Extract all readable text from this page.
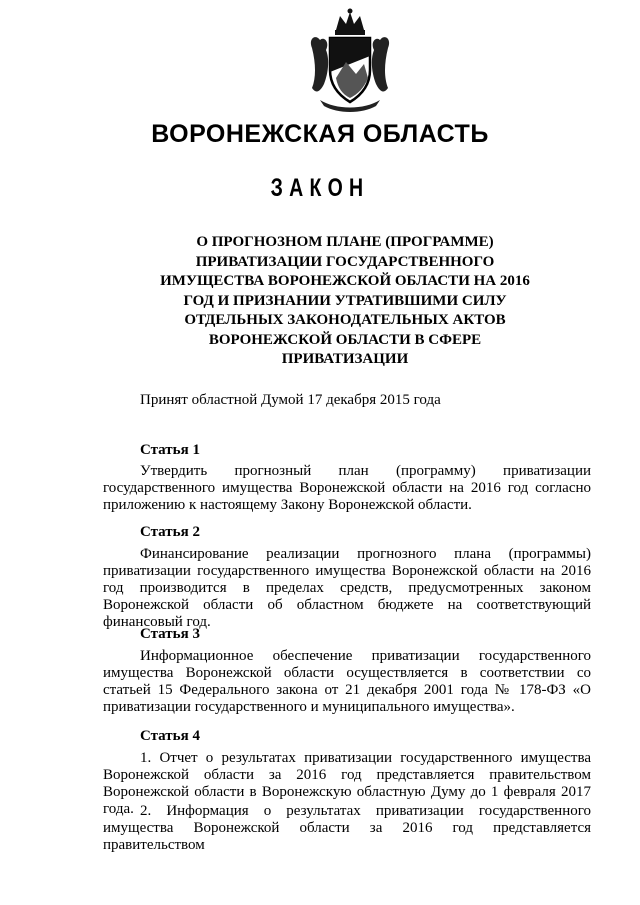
ВОРОНЕЖСКАЯ ОБЛАСТЬ
ЗАКОН
О ПРОГНОЗНОМ ПЛАНЕ (ПРОГРАММЕ) ПРИВАТИЗАЦИИ ГОСУДАРСТВЕННОГО ИМУЩЕСТВА ВОРОНЕЖСКОЙ ОБЛАСТИ НА 2016 ГОД И ПРИЗНАНИИ УТРАТИВШИМИ СИЛУ ОТДЕЛЬНЫХ ЗАКОНОДАТЕЛЬНЫХ АКТОВ ВОРОНЕЖСКОЙ ОБЛАСТИ В СФЕРЕ ПРИВАТИЗАЦИИ
Принят областной Думой 17 декабря 2015 года
Статья 1
Утвердить прогнозный план (программу) приватизации государственного имущества Воронежской области на 2016 год согласно приложению к настоящему Закону Воронежской области.
Статья 2
Финансирование реализации прогнозного плана (программы) приватизации государственного имущества Воронежской области на 2016 год производится в пределах средств, предусмотренных законом Воронежской области об областном бюджете на соответствующий финансовый год.
Статья 3
Информационное обеспечение приватизации государственного имущества Воронежской области осуществляется в соответствии со статьей 15 Федерального закона от 21 декабря 2001 года № 178-ФЗ «О приватизации государственного и муниципального имущества».
Статья 4
1. Отчет о результатах приватизации государственного имущества Воронежской области за 2016 год представляется правительством Воронежской области в Воронежскую областную Думу до 1 февраля 2017 года. 2. Информация о результатах приватизации государственного имущества Воронежской области за 2016 год представляется правительством
